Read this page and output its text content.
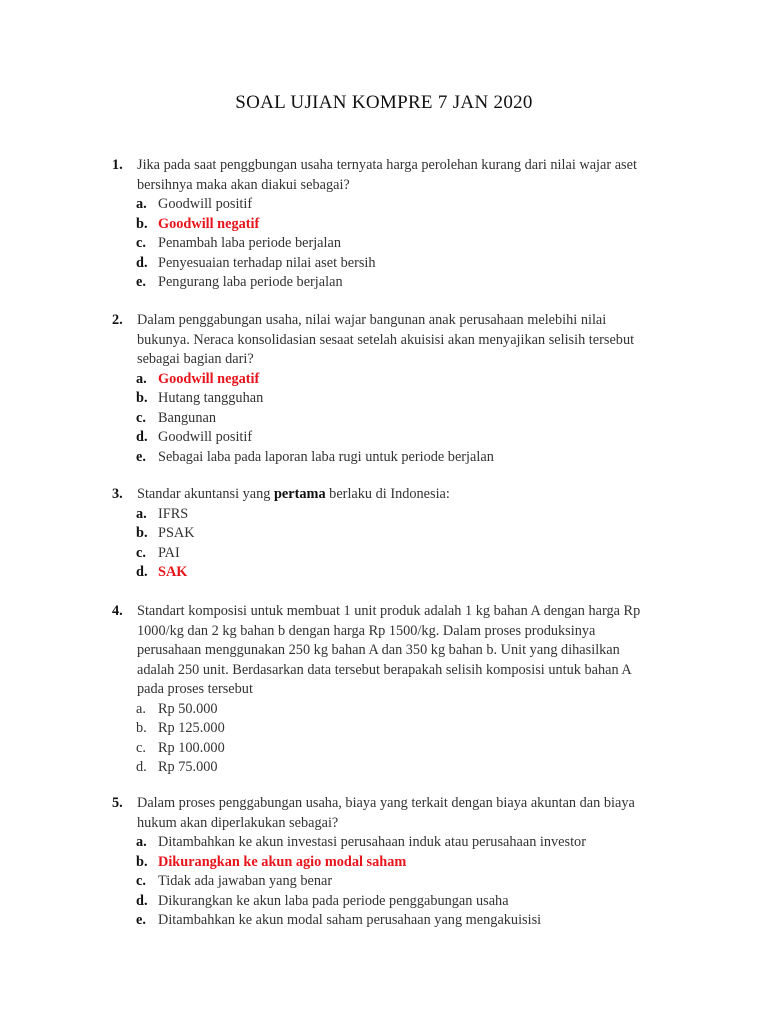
SOAL UJIAN KOMPRE 7 JAN 2020
1. Jika pada saat penggbungan usaha ternyata harga perolehan kurang dari nilai wajar aset
bersihnya maka akan diakui sebagai?
a. Goodwill positif
b. Goodwill negatif
c. Penambah laba periode berjalan
d. Penyesuaian terhadap nilai aset bersih
e. Pengurang laba periode berjalan
2. Dalam penggabungan usaha, nilai wajar bangunan anak perusahaan melebihi nilai
bukunya. Neraca konsolidasian sesaat setelah akuisisi akan menyajikan selisih tersebut
sebagai bagian dari?
a. Goodwill negatif
b. Hutang tangguhan
c. Bangunan
d. Goodwill positif
e. Sebagai laba pada laporan laba rugi untuk periode berjalan
3. Standar akuntansi yang pertama berlaku di Indonesia:
a. IFRS
b. PSAK
c. PAI
d. SAK
4. Standart komposisi untuk membuat 1 unit produk adalah 1 kg bahan A dengan harga Rp
1000/kg dan 2 kg bahan b dengan harga Rp 1500/kg. Dalam proses produksinya
perusahaan menggunakan 250 kg bahan A dan 350 kg bahan b. Unit yang dihasilkan
adalah 250 unit. Berdasarkan data tersebut berapakah selisih komposisi untuk bahan A
pada proses tersebut
a. Rp 50.000
b. Rp 125.000
c. Rp 100.000
d. Rp 75.000
5. Dalam proses penggabungan usaha, biaya yang terkait dengan biaya akuntan dan biaya
hukum akan diperlakukan sebagai?
a. Ditambahkan ke akun investasi perusahaan induk atau perusahaan investor
b. Dikurangkan ke akun agio modal saham
c. Tidak ada jawaban yang benar
d. Dikurangkan ke akun laba pada periode penggabungan usaha
e. Ditambahkan ke akun modal saham perusahaan yang mengakuisisi
